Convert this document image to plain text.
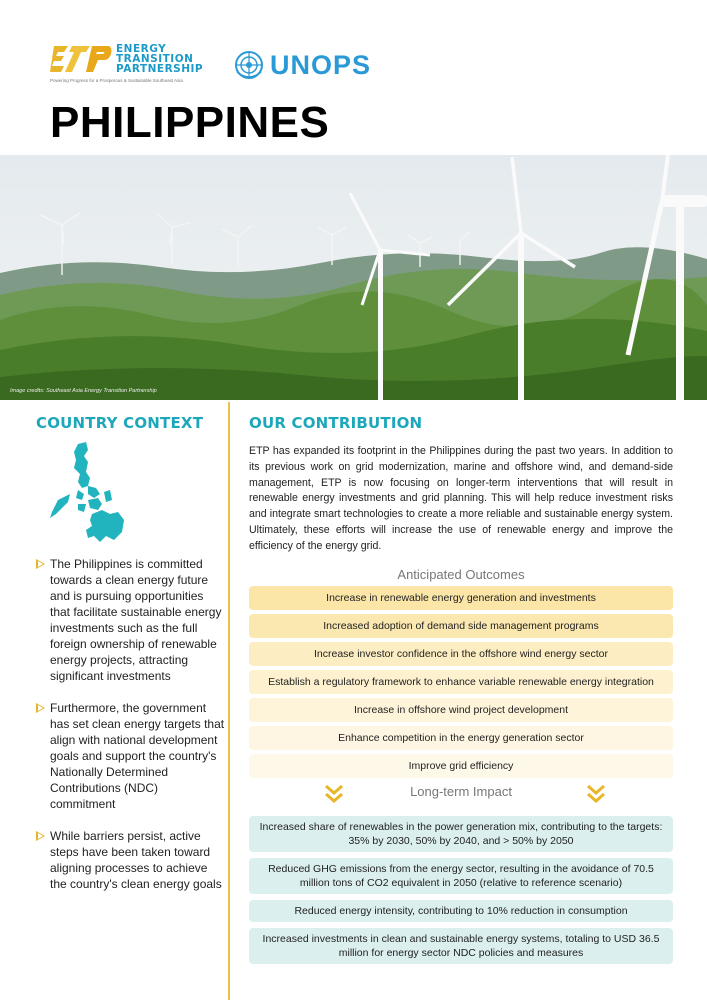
ENERGY
TRANSITION
PARTNERSHIP
Powering Progress for a Prosperous & Sustainable Southeast Asia
UNOPS
PHILIPPINES
Image credits: Southeast Asia Energy Transition Partnership
COUNTRY CONTEXT
The Philippines is committed towards a clean energy future and is pursuing opportunities that facilitate sustainable energy investments such as the full foreign ownership of renewable energy projects, attracting significant investments
Furthermore, the government has set clean energy targets that align with national development goals and support the country's Nationally Determined Contributions (NDC) commitment
While barriers persist, active steps have been taken toward aligning processes to achieve the country's clean energy goals
OUR CONTRIBUTION

ETP has expanded its footprint in the Philippines during the past two years. In addition to its previous work on grid modernization, marine and offshore wind, and demand-side management, ETP is now focusing on longer-term interventions that will result in renewable energy investments and grid planning. This will help reduce investment risks and integrate smart technologies to create a more reliable and sustainable energy system. Ultimately, these efforts will increase the use of renewable energy and improve the efficiency of the energy grid.

Anticipated Outcomes
Increase in renewable energy generation and investments
Increased adoption of demand side management programs
Increase investor confidence in the offshore wind energy sector
Establish a regulatory framework to enhance variable renewable energy integration
Increase in offshore wind project development
Enhance competition in the energy generation sector
Improve grid efficiency
Long-term Impact
Increased share of renewables in the power generation mix, contributing to the targets: 35% by 2030, 50% by 2040, and > 50% by 2050
Reduced GHG emissions from the energy sector, resulting in the avoidance of 70.5 million tons of CO2 equivalent in 2050 (relative to reference scenario)
Reduced energy intensity, contributing to 10% reduction in consumption
Increased investments in clean and sustainable energy systems, totaling to USD 36.5 million for energy sector NDC policies and measures
